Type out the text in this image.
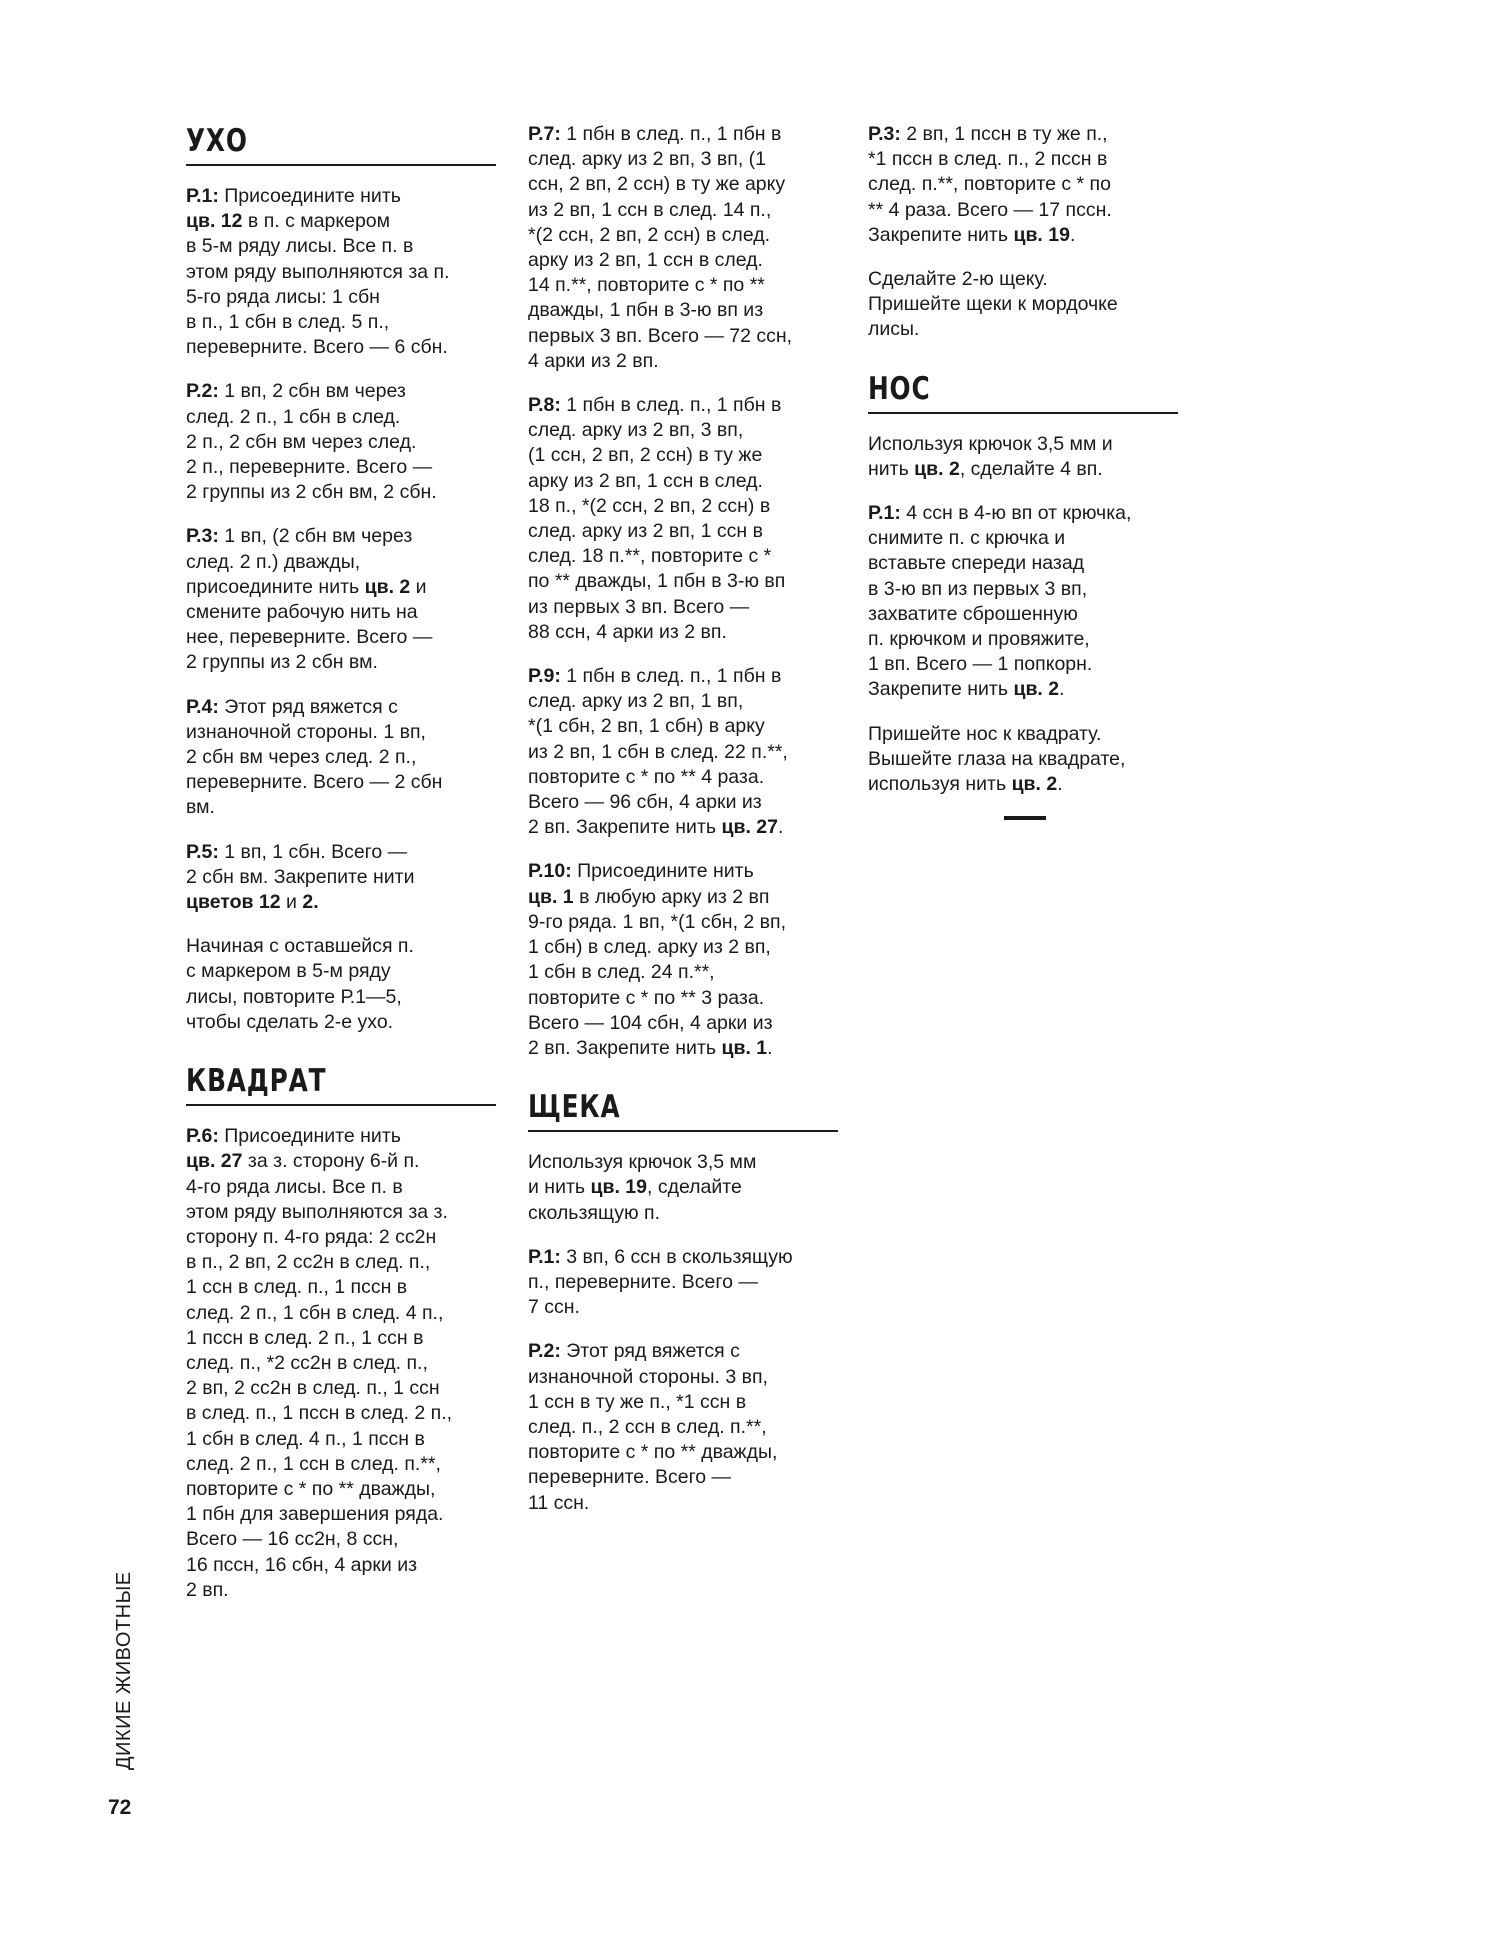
УХО

Р.1: Присоедините нить
цв. 12 в п. с маркером
в 5-м ряду лисы. Все п. в
этом ряду выполняются за п.
5-го ряда лисы: 1 сбн
в п., 1 сбн в след. 5 п.,
переверните. Всего — 6 сбн.

Р.2: 1 вп, 2 сбн вм через
след. 2 п., 1 сбн в след.
2 п., 2 сбн вм через след.
2 п., переверните. Всего —
2 группы из 2 сбн вм, 2 сбн.

Р.3: 1 вп, (2 сбн вм через
след. 2 п.) дважды,
присоедините нить цв. 2 и
смените рабочую нить на
нее, переверните. Всего —
2 группы из 2 сбн вм.

Р.4: Этот ряд вяжется с
изнаночной стороны. 1 вп,
2 сбн вм через след. 2 п.,
переверните. Всего — 2 сбн
вм.

Р.5: 1 вп, 1 сбн. Всего —
2 сбн вм. Закрепите нити
цветов 12 и 2.

Начиная с оставшейся п.
с маркером в 5-м ряду
лисы, повторите Р.1—5,
чтобы сделать 2-е ухо.

КВАДРАТ

Р.6: Присоедините нить
цв. 27 за з. сторону 6-й п.
4-го ряда лисы. Все п. в
этом ряду выполняются за з.
сторону п. 4-го ряда: 2 сс2н
в п., 2 вп, 2 сс2н в след. п.,
1 ссн в след. п., 1 пссн в
след. 2 п., 1 сбн в след. 4 п.,
1 пссн в след. 2 п., 1 ссн в
след. п., *2 сс2н в след. п.,
2 вп, 2 сс2н в след. п., 1 ссн
в след. п., 1 пссн в след. 2 п.,
1 сбн в след. 4 п., 1 пссн в
след. 2 п., 1 ссн в след. п.**,
повторите с * по ** дважды,
1 пбн для завершения ряда.
Всего — 16 сс2н, 8 ссн,
16 пссн, 16 сбн, 4 арки из
2 вп.

Р.7: 1 пбн в след. п., 1 пбн в
след. арку из 2 вп, 3 вп, (1
ссн, 2 вп, 2 ссн) в ту же арку
из 2 вп, 1 ссн в след. 14 п.,
*(2 ссн, 2 вп, 2 ссн) в след.
арку из 2 вп, 1 ссн в след.
14 п.**, повторите с * по **
дважды, 1 пбн в 3-ю вп из
первых 3 вп. Всего — 72 ссн,
4 арки из 2 вп.

Р.8: 1 пбн в след. п., 1 пбн в
след. арку из 2 вп, 3 вп,
(1 ссн, 2 вп, 2 ссн) в ту же
арку из 2 вп, 1 ссн в след.
18 п., *(2 ссн, 2 вп, 2 ссн) в
след. арку из 2 вп, 1 ссн в
след. 18 п.**, повторите с *
по ** дважды, 1 пбн в 3-ю вп
из первых 3 вп. Всего —
88 ссн, 4 арки из 2 вп.

Р.9: 1 пбн в след. п., 1 пбн в
след. арку из 2 вп, 1 вп,
*(1 сбн, 2 вп, 1 сбн) в арку
из 2 вп, 1 сбн в след. 22 п.**,
повторите с * по ** 4 раза.
Всего — 96 сбн, 4 арки из
2 вп. Закрепите нить цв. 27.

Р.10: Присоедините нить
цв. 1 в любую арку из 2 вп
9-го ряда. 1 вп, *(1 сбн, 2 вп,
1 сбн) в след. арку из 2 вп,
1 сбн в след. 24 п.**,
повторите с * по ** 3 раза.
Всего — 104 сбн, 4 арки из
2 вп. Закрепите нить цв. 1.

ЩЕКА

Используя крючок 3,5 мм
и нить цв. 19, сделайте
скользящую п.

Р.1: 3 вп, 6 ссн в скользящую
п., переверните. Всего —
7 ссн.

Р.2: Этот ряд вяжется с
изнаночной стороны. 3 вп,
1 ссн в ту же п., *1 ссн в
след. п., 2 ссн в след. п.**,
повторите с * по ** дважды,
переверните. Всего —
11 ссн.

Р.3: 2 вп, 1 пссн в ту же п.,
*1 пссн в след. п., 2 пссн в
след. п.**, повторите с * по
** 4 раза. Всего — 17 пссн.
Закрепите нить цв. 19.

Сделайте 2-ю щеку.
Пришейте щеки к мордочке
лисы.

НОС

Используя крючок 3,5 мм и
нить цв. 2, сделайте 4 вп.

Р.1: 4 ссн в 4-ю вп от крючка,
снимите п. с крючка и
вставьте спереди назад
в 3-ю вп из первых 3 вп,
захватите сброшенную
п. крючком и провяжите,
1 вп. Всего — 1 попкорн.
Закрепите нить цв. 2.

Пришейте нос к квадрату.
Вышейте глаза на квадрате,
используя нить цв. 2.

ДИКИЕ ЖИВОТНЫЕ
72
